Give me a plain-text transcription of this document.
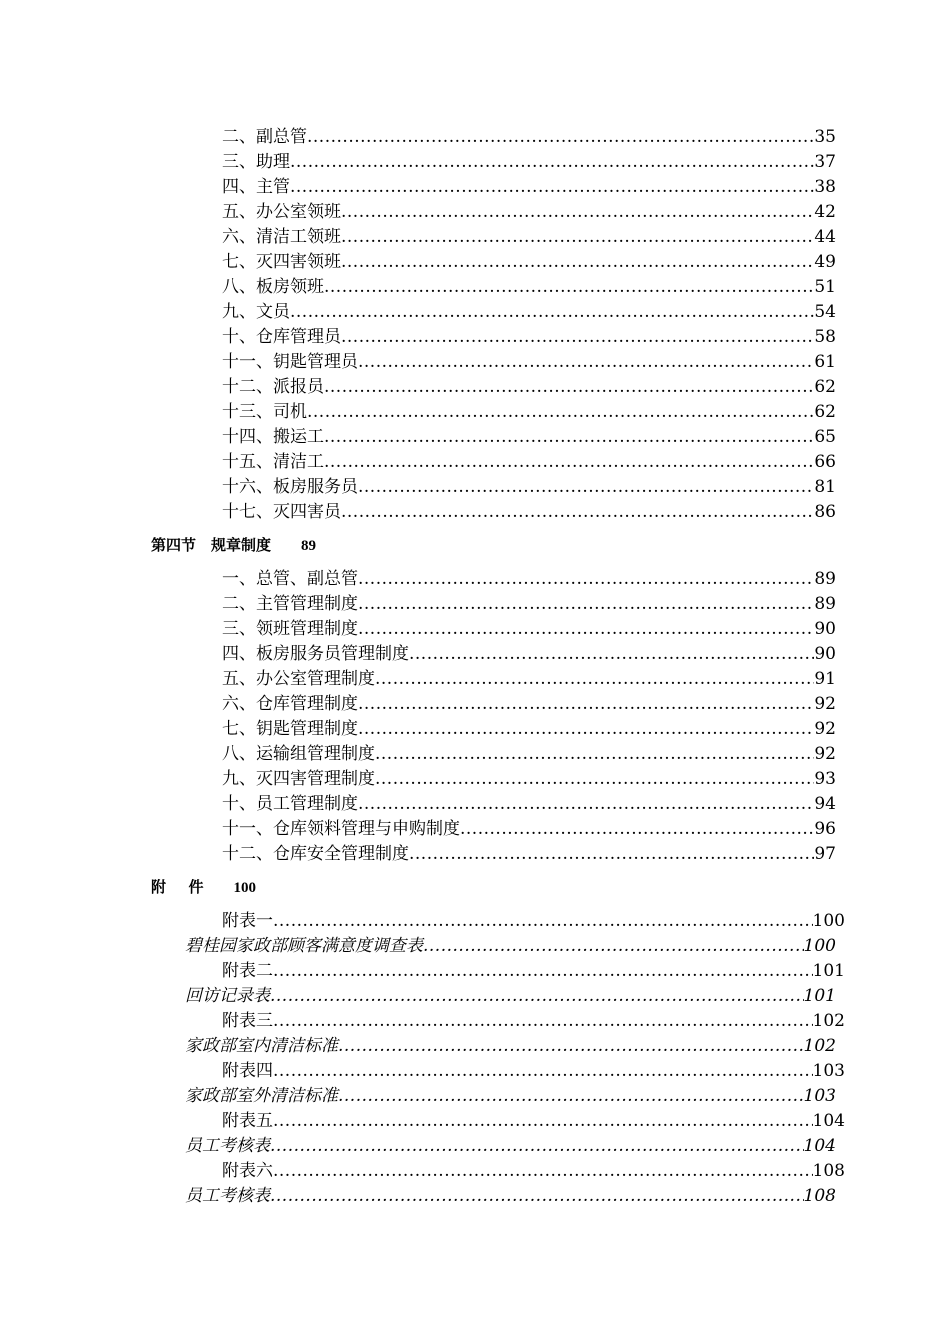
二、副总管 .....	35
三、助理 .....	37
四、主管 .....	38
五、办公室领班 .....	42
六、清洁工领班 .....	44
七、灭四害领班 .....	49
八、板房领班 .....	51
九、文员 .....	54
十、仓库管理员 .....	58
十一、钥匙管理员 .....	61
十二、派报员 .....	62
十三、司机 .....	62
十四、搬运工 .....	65
十五、清洁工 .....	66
十六、板房服务员 .....	81
十七、灭四害员 .....	86
第四节    规章制度        89
一、总管、副总管 .....	89
二、主管管理制度 .....	89
三、领班管理制度 .....	90
四、板房服务员管理制度 .....	90
五、办公室管理制度 .....	91
六、仓库管理制度 .....	92
七、钥匙管理制度 .....	92
八、运输组管理制度 .....	92
九、灭四害管理制度 .....	93
十、员工管理制度 .....	94
十一、仓库领料管理与申购制度 .....	96
十二、仓库安全管理制度 .....	97
附      件        100
附表一 .....	100
碧桂园家政部顾客满意度调查表 .....	100
附表二 .....	101
回访记录表 .....	101
附表三 .....	102
家政部室内清洁标准 .....	102
附表四 .....	103
家政部室外清洁标准 .....	103
附表五 .....	104
员工考核表 .....	104
附表六 .....	108
员工考核表 .....	108
